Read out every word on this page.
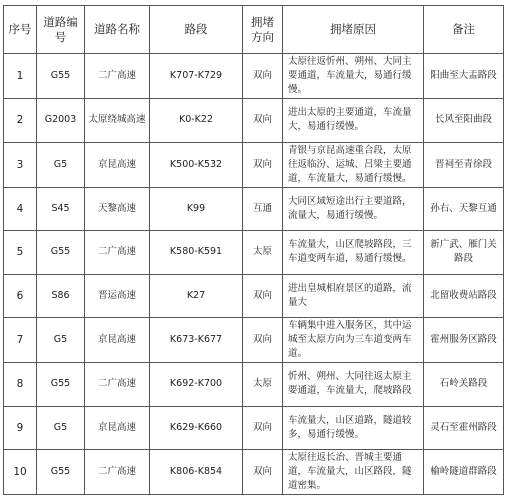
序号	道路编号	道路名称	路段	拥堵方向	拥堵原因	备注
1	G55	二广高速	K707-K729	双向	太原往返忻州、朔州、大同主要通道，车流量大，易通行缓慢。	阳曲至大盂路段
2	G2003	太原绕城高速	K0-K22	双向	进出太原的主要通道，车流量大，易通行缓慢。	长风至阳曲段
3	G5	京昆高速	K500-K532	双向	青银与京昆高速重合段，太原往返临汾、运城、吕梁主要通道，车流量大，易通行缓慢。	晋祠至青徐段
4	S45	天黎高速	K99	互通	大同区域短途出行主要道路，流量大，易通行缓慢。	孙右、天黎互通
5	G55	二广高速	K580-K591	太原	车流量大，山区爬坡路段，三车道变两车道，易通行缓慢。	新广武、雁门关路段
6	S86	晋运高速	K27	双向	进出皇城相府景区的道路，流量大	北留收费站路段
7	G5	京昆高速	K673-K677	双向	车辆集中进入服务区，其中运城至太原方向为三车道变两车道。	霍州服务区路段
8	G55	二广高速	K692-K700	太原	忻州、朔州、大同往返太原主要通道，车流量大，爬坡路段	石岭关路段
9	G5	京昆高速	K629-K660	双向	车流量大，山区道路，隧道较多，易通行缓慢。	灵石至霍州路段
10	G55	二广高速	K806-K854	双向	太原往返长治、晋城主要通道，车流量大，山区路段，隧道密集。	榆岭隧道群路段
